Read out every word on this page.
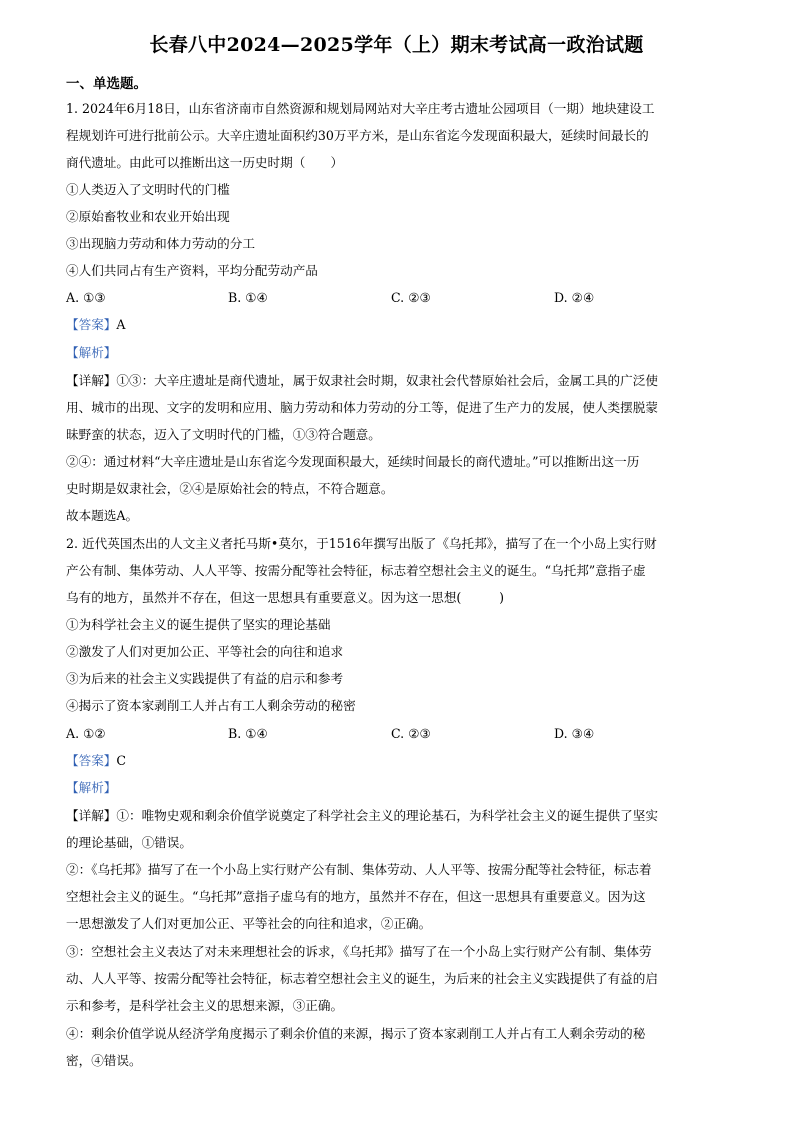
长春八中2024—2025学年（上）期末考试高一政治试题
一、单选题。
1. 2024年6月18日，山东省济南市自然资源和规划局网站对大辛庄考古遗址公园项目（一期）地块建设工
程规划许可进行批前公示。大辛庄遗址面积约30万平方米，是山东省迄今发现面积最大，延续时间最长的
商代遗址。由此可以推断出这一历史时期（　　）
①人类迈入了文明时代的门槛
②原始畜牧业和农业开始出现
③出现脑力劳动和体力劳动的分工
④人们共同占有生产资料，平均分配劳动产品
A. ①③	B. ①④	C. ②③	D. ②④
【答案】A
【解析】
【详解】①③：大辛庄遗址是商代遗址，属于奴隶社会时期，奴隶社会代替原始社会后，金属工具的广泛使
用、城市的出现、文字的发明和应用、脑力劳动和体力劳动的分工等，促进了生产力的发展，使人类摆脱蒙
昧野蛮的状态，迈入了文明时代的门槛，①③符合题意。
②④：通过材料“大辛庄遗址是山东省迄今发现面积最大，延续时间最长的商代遗址。”可以推断出这一历
史时期是奴隶社会，②④是原始社会的特点，不符合题意。
故本题选A。
2. 近代英国杰出的人文主义者托马斯•莫尔，于1516年撰写出版了《乌托邦》，描写了在一个小岛上实行财
产公有制、集体劳动、人人平等、按需分配等社会特征，标志着空想社会主义的诞生。“乌托邦”意指子虚
乌有的地方，虽然并不存在，但这一思想具有重要意义。因为这一思想(　　　)
①为科学社会主义的诞生提供了坚实的理论基础
②激发了人们对更加公正、平等社会的向往和追求
③为后来的社会主义实践提供了有益的启示和参考
④揭示了资本家剥削工人并占有工人剩余劳动的秘密
A. ①②	B. ①④	C. ②③	D. ③④
【答案】C
【解析】
【详解】①：唯物史观和剩余价值学说奠定了科学社会主义的理论基石，为科学社会主义的诞生提供了坚实
的理论基础，①错误。
②：《乌托邦》描写了在一个小岛上实行财产公有制、集体劳动、人人平等、按需分配等社会特征，标志着
空想社会主义的诞生。“乌托邦”意指子虚乌有的地方，虽然并不存在，但这一思想具有重要意义。因为这
一思想激发了人们对更加公正、平等社会的向往和追求，②正确。
③：空想社会主义表达了对未来理想社会的诉求，《乌托邦》描写了在一个小岛上实行财产公有制、集体劳
动、人人平等、按需分配等社会特征，标志着空想社会主义的诞生，为后来的社会主义实践提供了有益的启
示和参考，是科学社会主义的思想来源，③正确。
④：剩余价值学说从经济学角度揭示了剩余价值的来源，揭示了资本家剥削工人并占有工人剩余劳动的秘
密，④错误。
